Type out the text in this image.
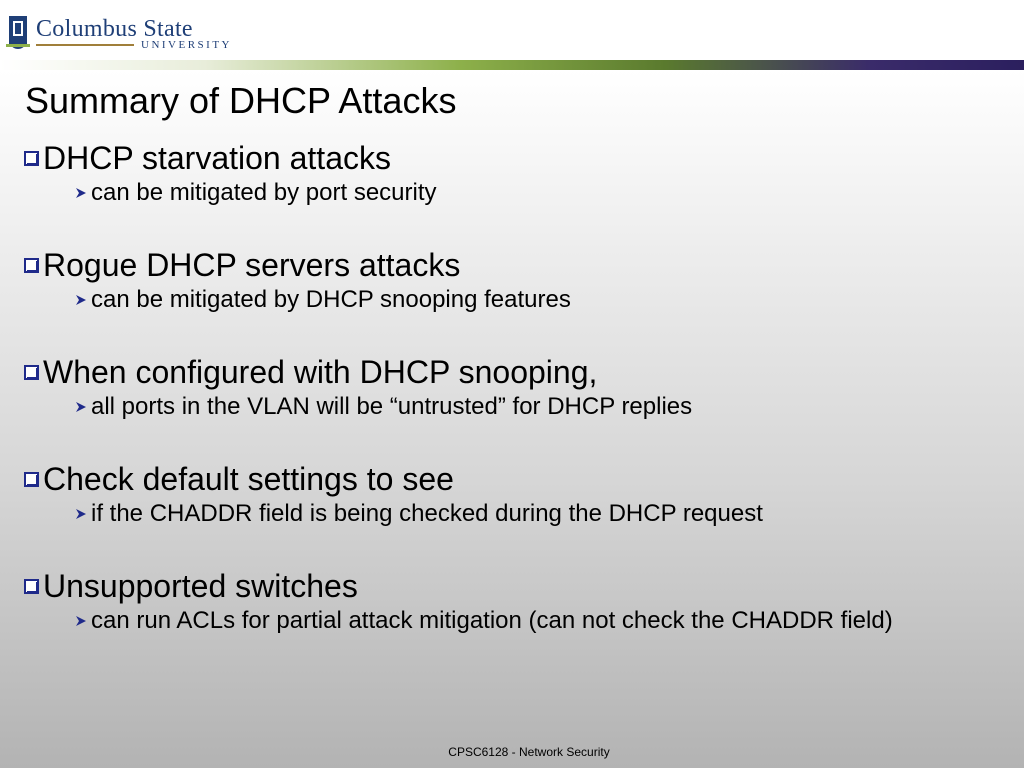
Columbus State
UNIVERSITY
Summary of DHCP Attacks
DHCP starvation attacks
can be mitigated by port security
Rogue DHCP servers attacks
can be mitigated by DHCP snooping features
When configured with DHCP snooping,
all ports in the VLAN will be “untrusted” for DHCP replies
Check default settings to see
if the CHADDR field is being checked during the DHCP request
Unsupported switches
can run ACLs for partial attack mitigation (can not check the CHADDR field)
CPSC6128 - Network Security
